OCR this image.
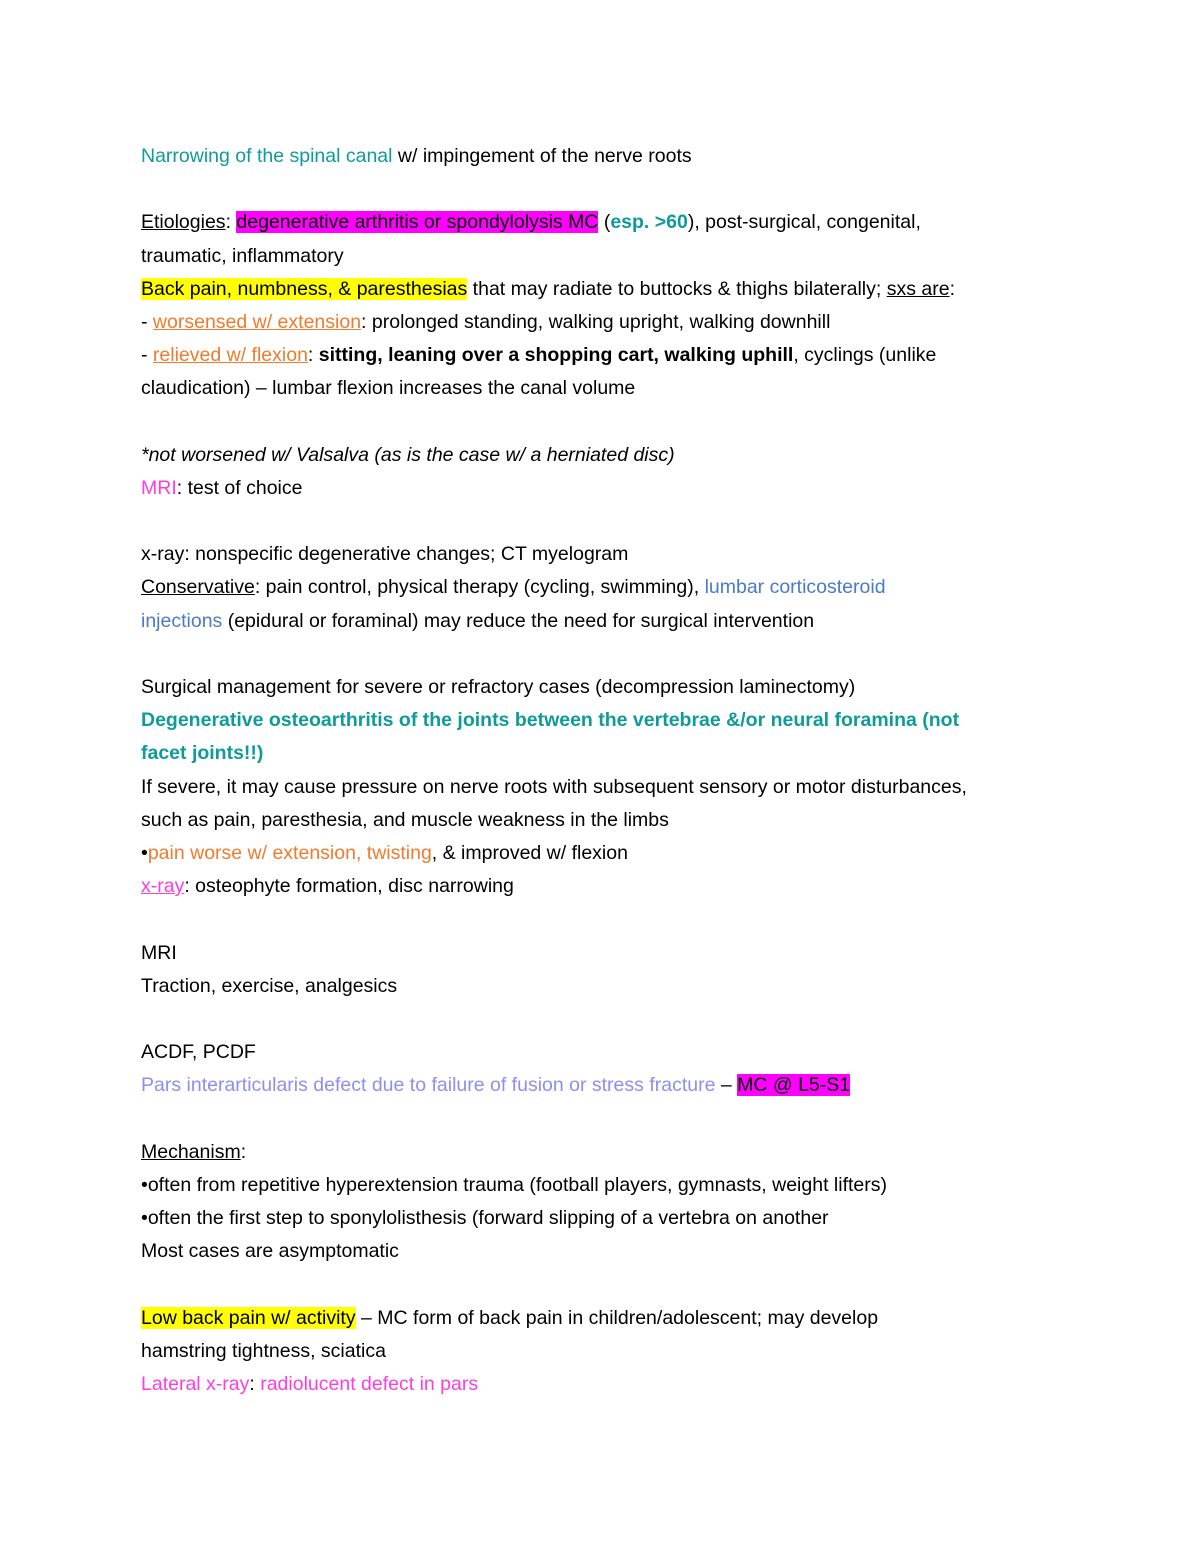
Narrowing of the spinal canal w/ impingement of the nerve roots
Etiologies: degenerative arthritis or spondylolysis MC (esp. >60), post-surgical, congenital,
traumatic, inflammatory
Back pain, numbness, & paresthesias that may radiate to buttocks & thighs bilaterally; sxs are:
- worsensed w/ extension: prolonged standing, walking upright, walking downhill
- relieved w/ flexion: sitting, leaning over a shopping cart, walking uphill, cyclings (unlike
claudication) – lumbar flexion increases the canal volume
*not worsened w/ Valsalva (as is the case w/ a herniated disc)
MRI: test of choice
x-ray: nonspecific degenerative changes; CT myelogram
Conservative: pain control, physical therapy (cycling, swimming), lumbar corticosteroid
injections (epidural or foraminal) may reduce the need for surgical intervention
Surgical management for severe or refractory cases (decompression laminectomy)
Degenerative osteoarthritis of the joints between the vertebrae &/or neural foramina (not
facet joints!!)
If severe, it may cause pressure on nerve roots with subsequent sensory or motor disturbances,
such as pain, paresthesia, and muscle weakness in the limbs
•pain worse w/ extension, twisting, & improved w/ flexion
x-ray: osteophyte formation, disc narrowing
MRI
Traction, exercise, analgesics
ACDF, PCDF
Pars interarticularis defect due to failure of fusion or stress fracture – MC @ L5-S1
Mechanism:
•often from repetitive hyperextension trauma (football players, gymnasts, weight lifters)
•often the first step to sponylolisthesis (forward slipping of a vertebra on another
Most cases are asymptomatic
Low back pain w/ activity – MC form of back pain in children/adolescent; may develop
hamstring tightness, sciatica
Lateral x-ray: radiolucent defect in pars
